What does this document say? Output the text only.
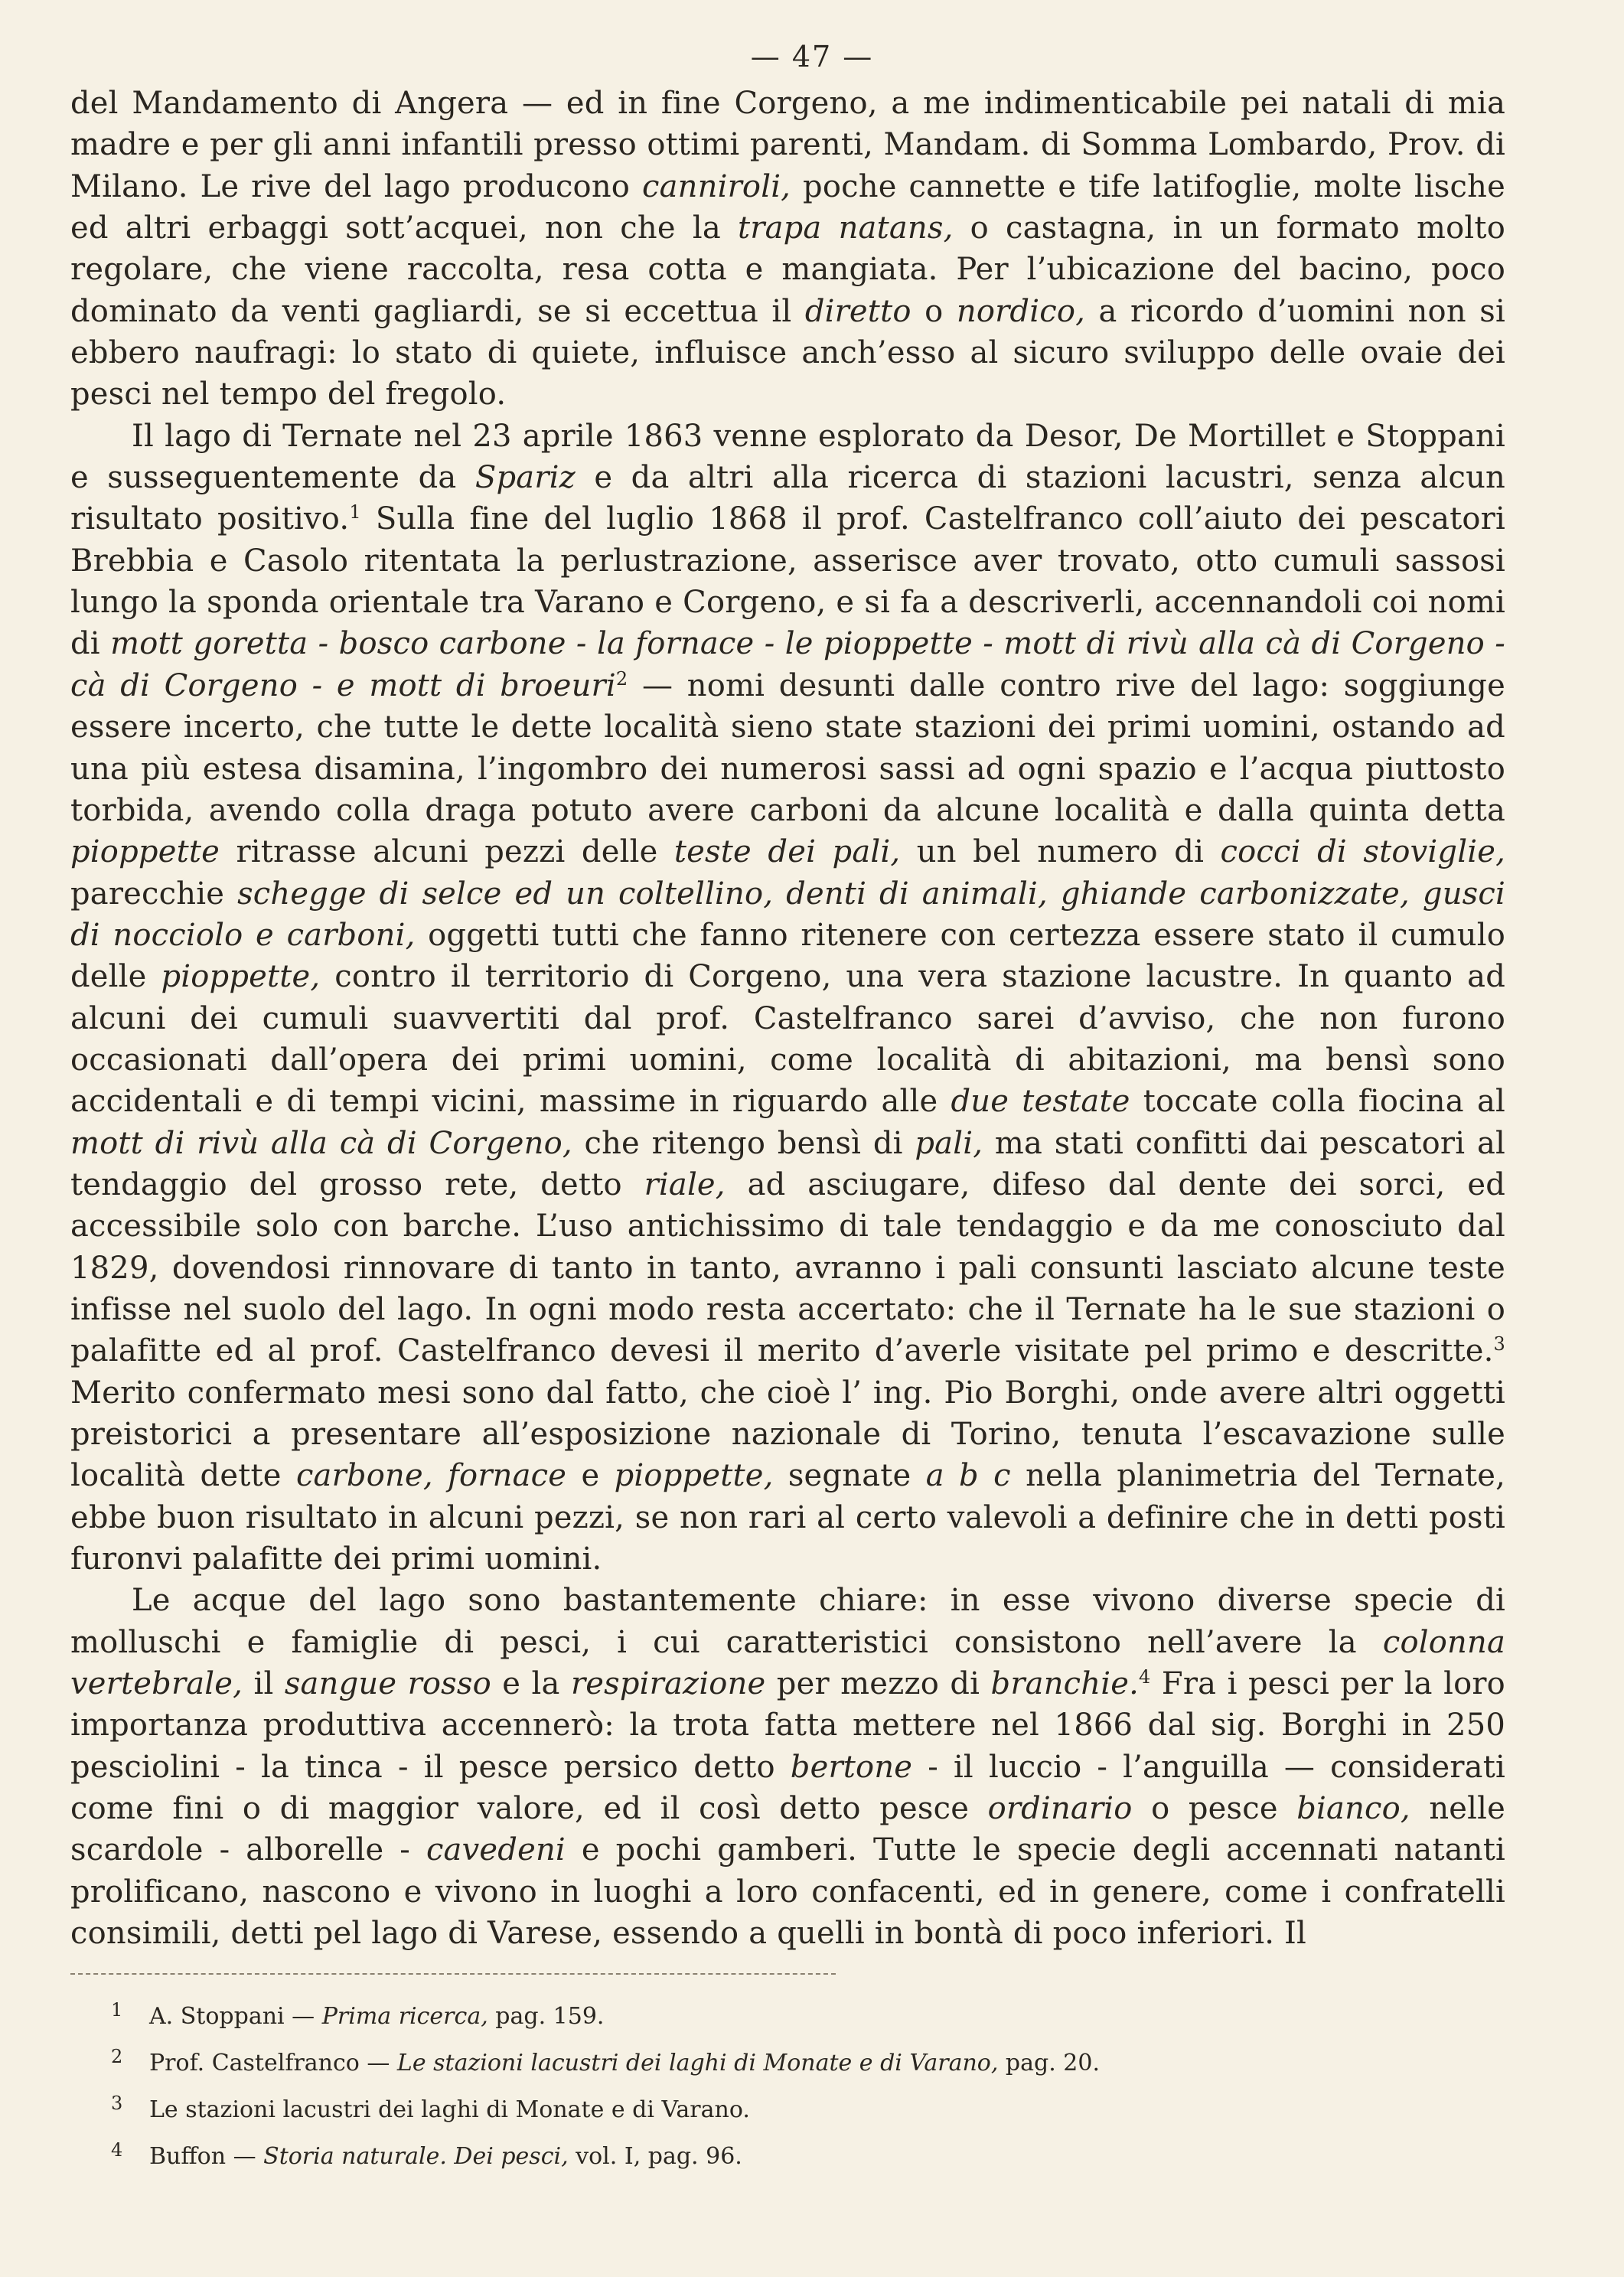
— 47 —

del Mandamento di Angera — ed in fine Corgeno, a me indimenticabile pei natali di mia madre e per gli anni infantili presso ottimi parenti, Mandam. di Somma Lombardo, Prov. di Milano. Le rive del lago producono canniroli, poche cannette e tife latifoglie, molte lische ed altri erbaggi sott’acquei, non che la trapa natans, o castagna, in un formato molto regolare, che viene raccolta, resa cotta e mangiata. Per l’ubicazione del bacino, poco dominato da venti gagliardi, se si eccettua il diretto o nordico, a ricordo d’uomini non si ebbero naufragi: lo stato di quiete, influisce anch’esso al sicuro sviluppo delle ovaie dei pesci nel tempo del fregolo.

Il lago di Ternate nel 23 aprile 1863 venne esplorato da Desor, De Mortillet e Stoppani e susseguentemente da Spariz e da altri alla ricerca di stazioni lacustri, senza alcun risultato positivo.$^1$ Sulla fine del luglio 1868 il prof. Castelfranco coll’aiuto dei pescatori Brebbia e Casolo ritentata la perlustrazione, asserisce aver trovato, otto cumuli sassosi lungo la sponda orientale tra Varano e Corgeno, e si fa a descriverli, accennandoli coi nomi di mott goretta - bosco carbone - la fornace - le pioppette - mott di rivù alla cà di Corgeno - cà di Corgeno - e mott di broeuri$^2$ — nomi desunti dalle contro rive del lago: soggiunge essere incerto, che tutte le dette località sieno state stazioni dei primi uomini, ostando ad una più estesa disamina, l’ingombro dei numerosi sassi ad ogni spazio e l’acqua piuttosto torbida, avendo colla draga potuto avere carboni da alcune località e dalla quinta detta pioppette ritrasse alcuni pezzi delle teste dei pali, un bel numero di cocci di stoviglie, parecchie schegge di selce ed un coltellino, denti di animali, ghiande carbonizzate, gusci di nocciolo e carboni, oggetti tutti che fanno ritenere con certezza essere stato il cumulo delle pioppette, contro il territorio di Corgeno, una vera stazione lacustre. In quanto ad alcuni dei cumuli suavvertiti dal prof. Castelfranco sarei d’avviso, che non furono occasionati dall’opera dei primi uomini, come località di abitazioni, ma bensì sono accidentali e di tempi vicini, massime in riguardo alle due testate toccate colla fiocina al mott di rivù alla cà di Corgeno, che ritengo bensì di pali, ma stati confitti dai pescatori al tendaggio del grosso rete, detto riale, ad asciugare, difeso dal dente dei sorci, ed accessibile solo con barche. L’uso antichissimo di tale tendaggio e da me conosciuto dal 1829, dovendosi rinnovare di tanto in tanto, avranno i pali consunti lasciato alcune teste infisse nel suolo del lago. In ogni modo resta accertato: che il Ternate ha le sue stazioni o palafitte ed al prof. Castelfranco devesi il merito d’averle visitate pel primo e descritte.$^3$ Merito confermato mesi sono dal fatto, che cioè l’ ing. Pio Borghi, onde avere altri oggetti preistorici a presentare all’esposizione nazionale di Torino, tenuta l’escavazione sulle località dette carbone, fornace e pioppette, segnate a b c nella planimetria del Ternate, ebbe buon risultato in alcuni pezzi, se non rari al certo valevoli a definire che in detti posti furonvi palafitte dei primi uomini.

Le acque del lago sono bastantemente chiare: in esse vivono diverse specie di molluschi e famiglie di pesci, i cui caratteristici consistono nell’avere la colonna vertebrale, il sangue rosso e la respirazione per mezzo di branchie.$^4$ Fra i pesci per la loro importanza produttiva accennerò: la trota fatta mettere nel 1866 dal sig. Borghi in 250 pesciolini - la tinca - il pesce persico detto bertone - il luccio - l’anguilla — considerati come fini o di maggior valore, ed il così detto pesce ordinario o pesce bianco, nelle scardole - alborelle - cavedeni e pochi gamberi. Tutte le specie degli accennati natanti prolificano, nascono e vivono in luoghi a loro confacenti, ed in genere, come i confratelli consimili, detti pel lago di Varese, essendo a quelli in bontà di poco inferiori. Il

1 A. Stoppani — Prima ricerca, pag. 159.
2 Prof. Castelfranco — Le stazioni lacustri dei laghi di Monate e di Varano, pag. 20.
3 Le stazioni lacustri dei laghi di Monate e di Varano.
4 Buffon — Storia naturale. Dei pesci, vol. I, pag. 96.
